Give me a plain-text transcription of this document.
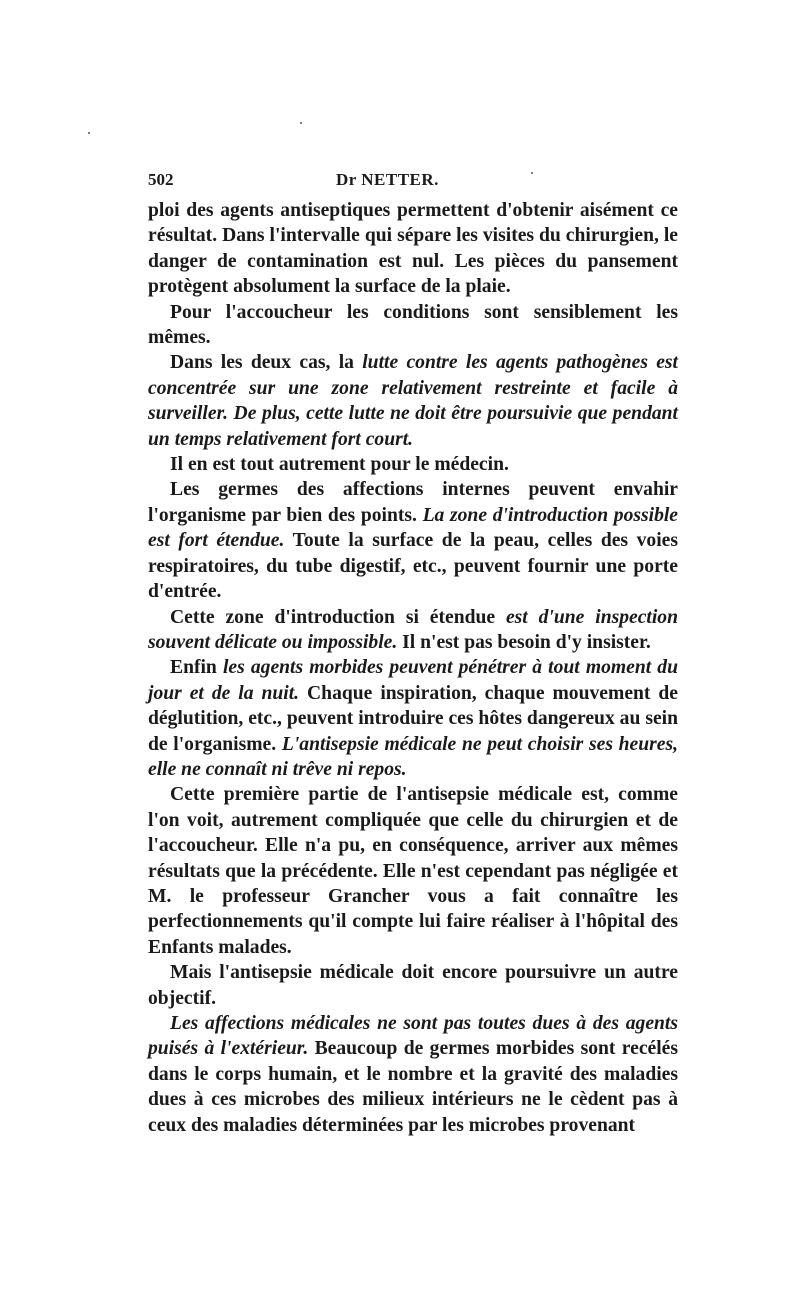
502	Dr NETTER.

ploi des agents antiseptiques permettent d'obtenir aisément ce résultat. Dans l'intervalle qui sépare les visites du chirurgien, le danger de contamination est nul. Les pièces du pansement protègent absolument la surface de la plaie.

Pour l'accoucheur les conditions sont sensiblement les mêmes.

Dans les deux cas, la lutte contre les agents pathogènes est concentrée sur une zone relativement restreinte et facile à surveiller. De plus, cette lutte ne doit être poursuivie que pendant un temps relativement fort court.

Il en est tout autrement pour le médecin.

Les germes des affections internes peuvent envahir l'organisme par bien des points. La zone d'introduction possible est fort étendue. Toute la surface de la peau, celles des voies respiratoires, du tube digestif, etc., peuvent fournir une porte d'entrée.

Cette zone d'introduction si étendue est d'une inspection souvent délicate ou impossible. Il n'est pas besoin d'y insister.

Enfin les agents morbides peuvent pénétrer à tout moment du jour et de la nuit. Chaque inspiration, chaque mouvement de déglutition, etc., peuvent introduire ces hôtes dangereux au sein de l'organisme. L'antisepsie médicale ne peut choisir ses heures, elle ne connaît ni trêve ni repos.

Cette première partie de l'antisepsie médicale est, comme l'on voit, autrement compliquée que celle du chirurgien et de l'accoucheur. Elle n'a pu, en conséquence, arriver aux mêmes résultats que la précédente. Elle n'est cependant pas négligée et M. le professeur Grancher vous a fait connaître les perfectionnements qu'il compte lui faire réaliser à l'hôpital des Enfants malades.

Mais l'antisepsie médicale doit encore poursuivre un autre objectif.

Les affections médicales ne sont pas toutes dues à des agents puisés à l'extérieur. Beaucoup de germes morbides sont recélés dans le corps humain, et le nombre et la gravité des maladies dues à ces microbes des milieux intérieurs ne le cèdent pas à ceux des maladies déterminées par les microbes provenant
